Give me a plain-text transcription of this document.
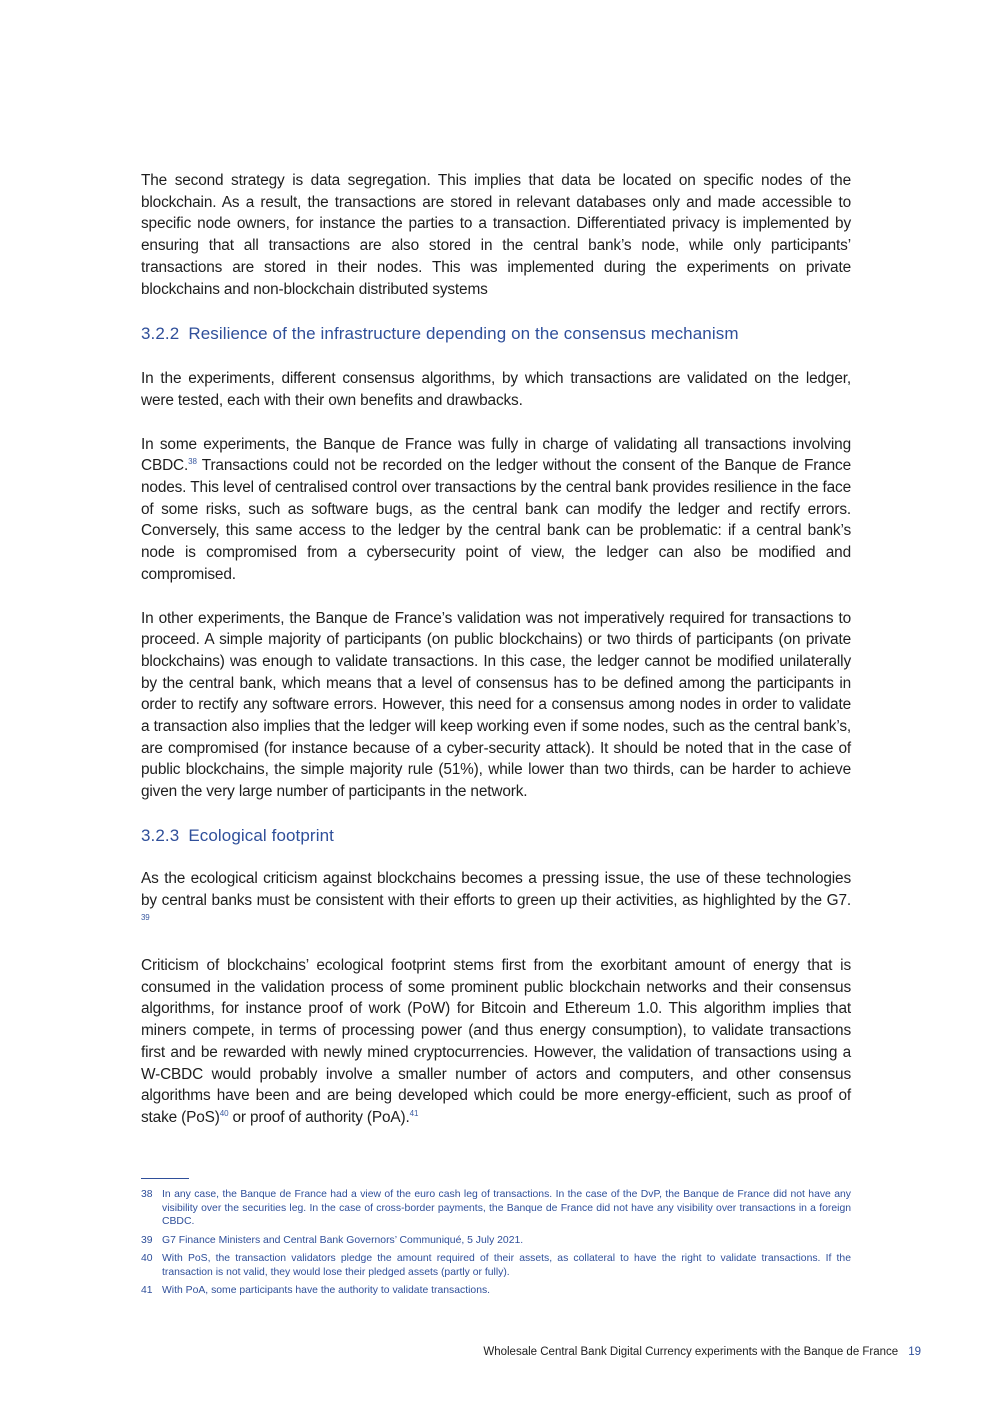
The second strategy is data segregation. This implies that data be located on specific nodes of the blockchain. As a result, the transactions are stored in relevant databases only and made accessible to specific node owners, for instance the parties to a transaction. Differentiated privacy is implemented by ensuring that all transactions are also stored in the central bank’s node, while only participants’ transactions are stored in their nodes. This was implemented during the experiments on private blockchains and non-blockchain distributed systems

3.2.2 Resilience of the infrastructure depending on the consensus mechanism

In the experiments, different consensus algorithms, by which transactions are validated on the ledger, were tested, each with their own benefits and drawbacks.

In some experiments, the Banque de France was fully in charge of validating all transactions involving CBDC.$^{38}$ Transactions could not be recorded on the ledger without the consent of the Banque de France nodes. This level of centralised control over transactions by the central bank provides resilience in the face of some risks, such as software bugs, as the central bank can modify the ledger and rectify errors. Conversely, this same access to the ledger by the central bank can be problematic: if a central bank’s node is compromised from a cybersecurity point of view, the ledger can also be modified and compromised.

In other experiments, the Banque de France’s validation was not imperatively required for transactions to proceed. A simple majority of participants (on public blockchains) or two thirds of participants (on private blockchains) was enough to validate transactions. In this case, the ledger cannot be modified unilaterally by the central bank, which means that a level of consensus has to be defined among the participants in order to rectify any software errors. However, this need for a consensus among nodes in order to validate a transaction also implies that the ledger will keep working even if some nodes, such as the central bank’s, are compromised (for instance because of a cyber-security attack). It should be noted that in the case of public blockchains, the simple majority rule (51%), while lower than two thirds, can be harder to achieve given the very large number of participants in the network.

3.2.3 Ecological footprint

As the ecological criticism against blockchains becomes a pressing issue, the use of these technologies by central banks must be consistent with their efforts to green up their activities, as highlighted by the G7. $^{39}$

Criticism of blockchains’ ecological footprint stems first from the exorbitant amount of energy that is consumed in the validation process of some prominent public blockchain networks and their consensus algorithms, for instance proof of work (PoW) for Bitcoin and Ethereum 1.0. This algorithm implies that miners compete, in terms of processing power (and thus energy consumption), to validate transactions first and be rewarded with newly mined cryptocurrencies. However, the validation of transactions using a W-CBDC would probably involve a smaller number of actors and computers, and other consensus algorithms have been and are being developed which could be more energy-efficient, such as proof of stake (PoS)$^{40}$ or proof of authority (PoA).$^{41}$

38 In any case, the Banque de France had a view of the euro cash leg of transactions. In the case of the DvP, the Banque de France did not have any visibility over the securities leg. In the case of cross-border payments, the Banque de France did not have any visibility over transactions in a foreign CBDC.
39 G7 Finance Ministers and Central Bank Governors’ Communiqué, 5 July 2021.
40 With PoS, the transaction validators pledge the amount required of their assets, as collateral to have the right to validate transactions. If the transaction is not valid, they would lose their pledged assets (partly or fully).
41 With PoA, some participants have the authority to validate transactions.
Wholesale Central Bank Digital Currency experiments with the Banque de France 19
